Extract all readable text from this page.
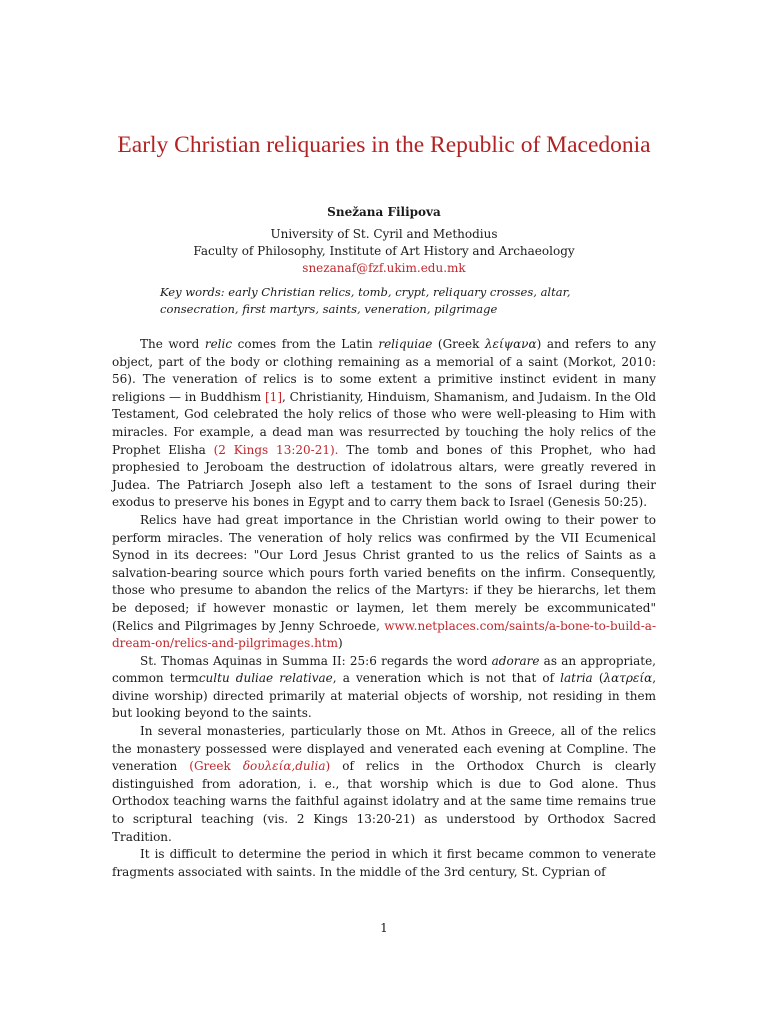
Early Christian reliquaries in the Republic of Macedonia
Snežana Filipova
University of St. Cyril and Methodius
Faculty of Philosophy, Institute of Art History and Archaeology
snezanaf@fzf.ukim.edu.mk
Key words: early Christian relics, tomb, crypt, reliquary crosses, altar, consecration, first martyrs, saints, veneration, pilgrimage

The word relic comes from the Latin reliquiae (Greek λείψανα) and refers to any object, part of the body or clothing remaining as a memorial of a saint (Morkot, 2010: 56). The veneration of relics is to some extent a primitive instinct evident in many religions — in Buddhism [1], Christianity, Hinduism, Shamanism, and Judaism. In the Old Testament, God celebrated the holy relics of those who were well-pleasing to Him with miracles. For example, a dead man was resurrected by touching the holy relics of the Prophet Elisha (2 Kings 13:20-21). The tomb and bones of this Prophet, who had prophesied to Jeroboam the destruction of idolatrous altars, were greatly revered in Judea. The Patriarch Joseph also left a testament to the sons of Israel during their exodus to preserve his bones in Egypt and to carry them back to Israel (Genesis 50:25).

Relics have had great importance in the Christian world owing to their power to perform miracles. The veneration of holy relics was confirmed by the VII Ecumenical Synod in its decrees: "Our Lord Jesus Christ granted to us the relics of Saints as a salvation-bearing source which pours forth varied benefits on the infirm. Consequently, those who presume to abandon the relics of the Martyrs: if they be hierarchs, let them be deposed; if however monastic or laymen, let them merely be excommunicated" (Relics and Pilgrimages by Jenny Schroede, www.netplaces.com/saints/a-bone-to-build-a-dream-on/relics-and-pilgrimages.htm)

St. Thomas Aquinas in Summa II: 25:6 regards the word adorare as an appropriate, common termcultu duliae relativae, a veneration which is not that of latria (λατρεία, divine worship) directed primarily at material objects of worship, not residing in them but looking beyond to the saints.

In several monasteries, particularly those on Mt. Athos in Greece, all of the relics the monastery possessed were displayed and venerated each evening at Compline. The veneration (Greek δουλεία,dulia) of relics in the Orthodox Church is clearly distinguished from adoration, i. e., that worship which is due to God alone. Thus Orthodox teaching warns the faithful against idolatry and at the same time remains true to scriptural teaching (vis. 2 Kings 13:20-21) as understood by Orthodox Sacred Tradition.

It is difficult to determine the period in which it first became common to venerate fragments associated with saints. In the middle of the 3rd century, St. Cyprian of

1
